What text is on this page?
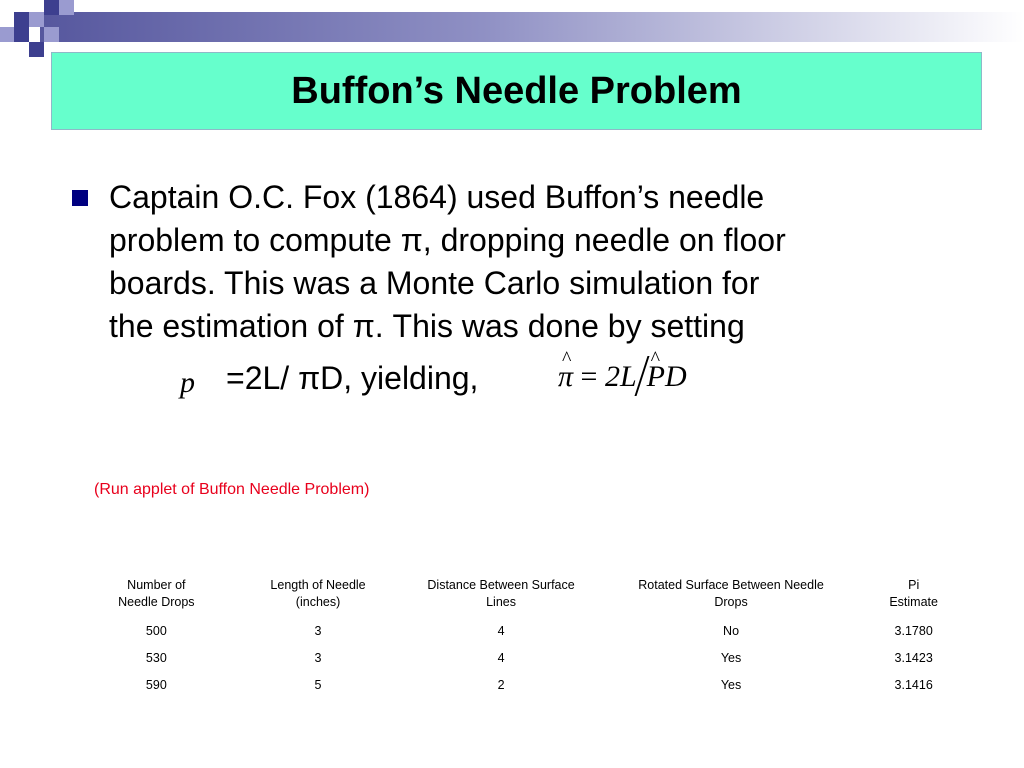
Buffon’s Needle Problem
Captain O.C. Fox (1864) used Buffon’s needle
problem to compute π, dropping needle on floor
boards. This was a Monte Carlo simulation for
the estimation of π. This was done by setting
p =2L/ πD, yielding,	^ π = 2L ^ PD
(Run applet of Buffon Needle Problem)
Number of Needle Drops	Length of Needle (inches)	Distance Between Surface Lines	Rotated Surface Between Needle Drops	Pi Estimate
500	3	4	No	3.1780
530	3	4	Yes	3.1423
590	5	2	Yes	3.1416
